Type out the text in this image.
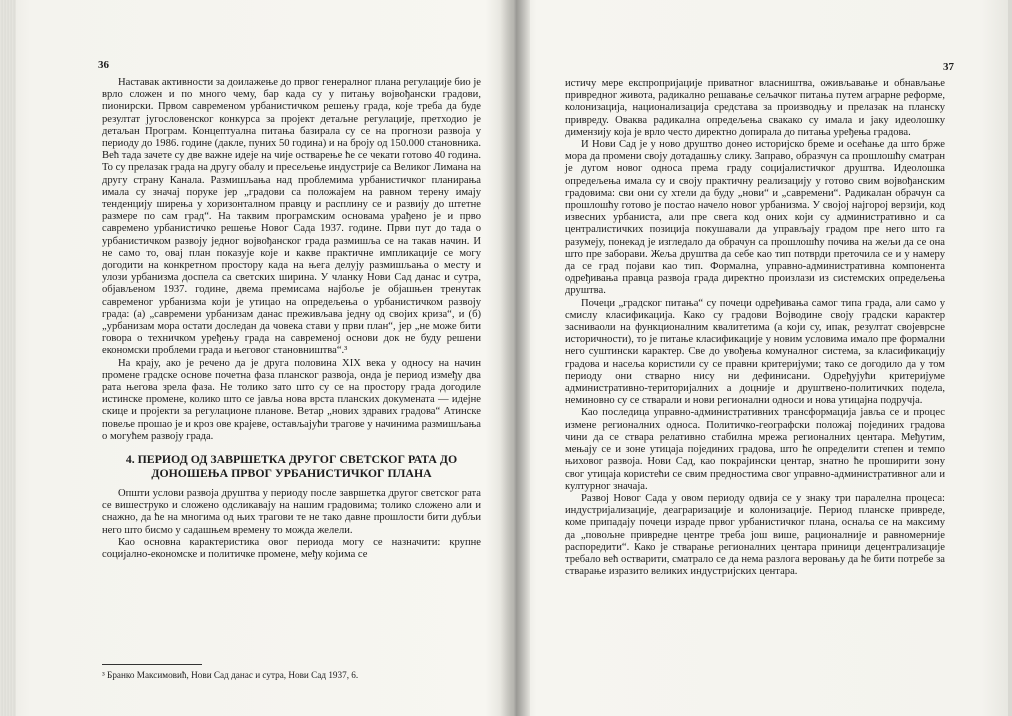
36

Наставак активности за доилажење до првог генералног плана регулације био је врло сложен и по много чему, бар када су у питању војвођански градови, пионирски. Првом савременом урбанистичком решењу града, које треба да буде резултат југословенског конкурса за пројект детаљне регулације, претходио је детаљан Програм. Концептуална питања базирала су се на прогнози развоја у периоду до 1986. године (дакле, пуних 50 година) и на броју од 150.000 становника. Већ тада зачете су две важне идеје на чије остварење ће се чекати готово 40 година. То су прелазак града на другу обалу и пресељење индустрије са Великог Лимана на другу страну Канала. Размишљања над проблемима урбанистичког планирања имала су значај поруке јер „градови са положајем на равном терену имају тенденцију ширења у хоризонталном правцу и расплину се и развију до штетне размере по сам град“. На таквим програмским основама урађено је и прво савремено урбанистичко решење Новог Сада 1937. године. Први пут до тада о урбанистичком развоју једног војвођанског града размишља се на такав начин. И не само то, овај план показује које и какве практичне импликације се могу догодити на конкретном простору када на њега делују размишљања о месту и улози урбанизма доспела са светских ширина. У чланку Нови Сад данас и сутра, објављеном 1937. године, двема премисама најбоље је објашњен тренутак савременог урбанизма који је утицао на опредељења о урбанистичком развоју града: (а) „савремени урбанизам данас преживљава једну од својих криза“, и (б) „урбанизам мора остати доследан да човека стави у први план“, јер „не може бити говора о техничком уређењу града на савременој основи док не буду решени економски проблеми града и његовог становништва“.³

На крају, ако је речено да је друга половина XIX века у односу на начин промене градске основе почетна фаза планског развоја, онда је период између два рата његова зрела фаза. Не толико зато што су се на простору града догодиле истинске промене, колико што се јавља нова врста планских докумената — идејне скице и пројекти за регулационе планове. Ветар „нових здравих градова“ Атинске повеље прошао је и кроз ове крајеве, остављајући трагове у начинима размишљања о могућем развоју града.

4. ПЕРИОД ОД ЗАВРШЕТКА ДРУГОГ СВЕТСКОГ РАТА ДО ДОНОШЕЊА ПРВОГ УРБАНИСТИЧКОГ ПЛАНА

Општи услови развоја друштва у периоду после завршетка другог светског рата се вишеструко и сложено одсликавају на нашим градовима; толико сложено али и снажно, да ће на многима од њих трагови те не тако давне прошлости бити дубљи него што бисмо у садашњем времену то можда желели.

Као основна карактеристика овог периода могу се назначити: крупне социјално-економске и политичке промене, међу којима се

³ Бранко Максимовић, Нови Сад данас и сутра, Нови Сад 1937, 6.
37

истичу мере експропријације приватног власништва, оживљавање и обнављање привредног живота, радикално решавање сељачког питања путем аграрне реформе, колонизација, национализација средстава за производњу и прелазак на планску привреду. Оваква радикална опредељења свакако су имала и јаку идеолошку димензију која је врло често директно допирала до питања уређења градова.

И Нови Сад је у ново друштво донео историјско бреме и осећање да што брже мора да промени своју дотадашњу слику. Заправо, образчун са прошлошћу сматран је дугом новог односа према граду социјалистичког друштва. Идеолошка опредељења имала су и своју практичну реализацију у готово свим војвођанским градовима: сви они су хтели да буду „нови“ и „савремени“. Радикалан обрачун са прошлошћу готово је постао начело новог урбанизма. У својој најгорој верзији, код извесних урбаниста, али пре свега код оних који су административно и са централистичких позиција покушавали да управљају градом пре него што га разумеју, понекад је изгледало да обрачун са прошлошћу почива на жељи да се она што пре заборави. Жеља друштва да себе као тип потврди преточила се и у намеру да се град појави као тип. Формална, управно-административна компонента одређивања правца развоја града директно произлази из системских опредељења друштва.

Почеци „градског питања“ су почеци одређивања самог типа града, али само у смислу класификација. Како су градови Војводине своју градски карактер засниваоли на функционалним квалитетима (а који су, ипак, резултат својеврсне историчности), то је питање класификације у новим условима имало пре формални него суштински карактер. Све до увођења комуналног система, за класификацију градова и насеља користили су се правни критеријуми; тако се догодило да у том периоду они стварно нису ни дефинисани. Одређујући критеријуме административно-територијалних а доцније и друштвено-политичких подела, неминовно су се стварали и нови регионални односи и нова утицајна подручја.

Као последица управно-административних трансформација јавља се и процес измене регионалних односа. Политичко-географски положај појединих градова чини да се ствара релативно стабилна мрежа регионалних центара. Међутим, мењају се и зоне утицаја појединих градова, што ће определити степен и темпо њиховог развоја. Нови Сад, као покрајински центар, знатно ће проширити зону свог утицаја користећи се свим предностима свог управно-административног али и културног значаја.

Развој Новог Сада у овом периоду одвија се у знаку три паралелна процеса: индустријализације, деаграризације и колонизације. Период планске привреде, коме припадају почеци израде првог урбанистичког плана, оснаља се на максиму да „повољне привредне центре треба још више, рационалније и равномерније распоредити“. Како је стварање регионалних центара приници децентрализације требало већ остварити, сматрало се да нема разлога веровању да ће бити потребе за стварање изразито великих индустријских центара.
